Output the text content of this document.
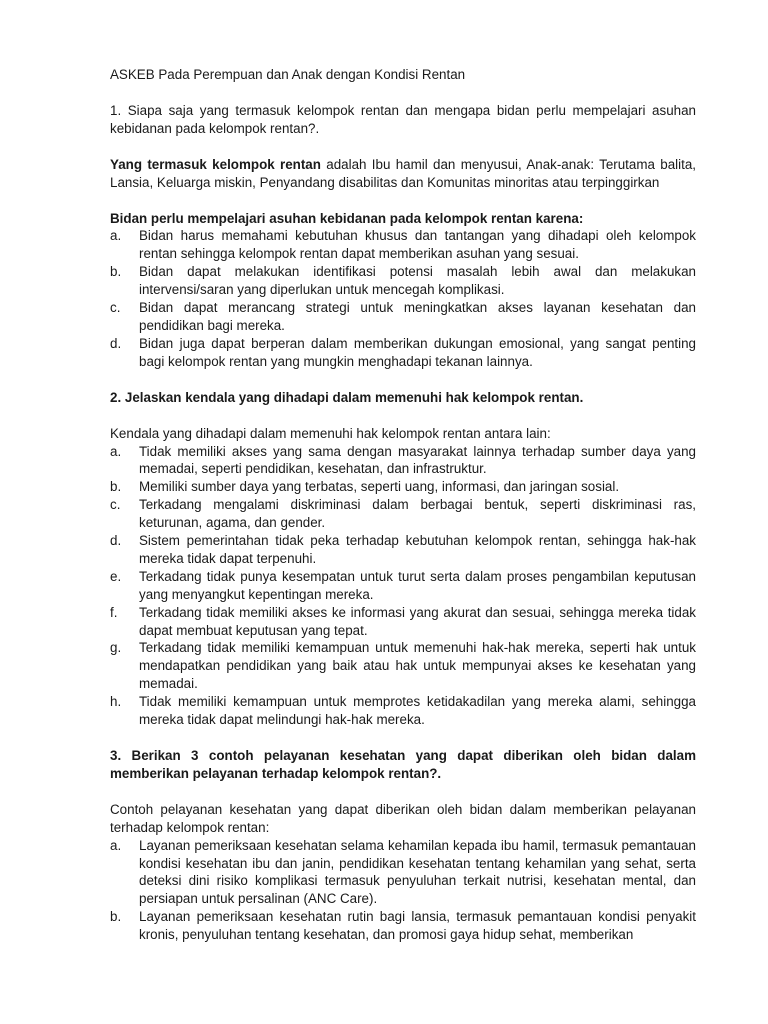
ASKEB Pada Perempuan dan Anak dengan Kondisi Rentan

1. Siapa saja yang termasuk kelompok rentan dan mengapa bidan perlu mempelajari asuhan kebidanan pada kelompok rentan?.

Yang termasuk kelompok rentan adalah Ibu hamil dan menyusui, Anak-anak: Terutama balita, Lansia, Keluarga miskin, Penyandang disabilitas dan Komunitas minoritas atau terpinggirkan

Bidan perlu mempelajari asuhan kebidanan pada kelompok rentan karena:

a. Bidan harus memahami kebutuhan khusus dan tantangan yang dihadapi oleh kelompok rentan sehingga kelompok rentan dapat memberikan asuhan yang sesuai.
b. Bidan dapat melakukan identifikasi potensi masalah lebih awal dan melakukan intervensi/saran yang diperlukan untuk mencegah komplikasi.
c. Bidan dapat merancang strategi untuk meningkatkan akses layanan kesehatan dan pendidikan bagi mereka.
d. Bidan juga dapat berperan dalam memberikan dukungan emosional, yang sangat penting bagi kelompok rentan yang mungkin menghadapi tekanan lainnya.

2. Jelaskan kendala yang dihadapi dalam memenuhi hak kelompok rentan.

Kendala yang dihadapi dalam memenuhi hak kelompok rentan antara lain:

a. Tidak memiliki akses yang sama dengan masyarakat lainnya terhadap sumber daya yang memadai, seperti pendidikan, kesehatan, dan infrastruktur.
b. Memiliki sumber daya yang terbatas, seperti uang, informasi, dan jaringan sosial.
c. Terkadang mengalami diskriminasi dalam berbagai bentuk, seperti diskriminasi ras, keturunan, agama, dan gender.
d. Sistem pemerintahan tidak peka terhadap kebutuhan kelompok rentan, sehingga hak-hak mereka tidak dapat terpenuhi.
e. Terkadang tidak punya kesempatan untuk turut serta dalam proses pengambilan keputusan yang menyangkut kepentingan mereka.
f. Terkadang tidak memiliki akses ke informasi yang akurat dan sesuai, sehingga mereka tidak dapat membuat keputusan yang tepat.
g. Terkadang tidak memiliki kemampuan untuk memenuhi hak-hak mereka, seperti hak untuk mendapatkan pendidikan yang baik atau hak untuk mempunyai akses ke kesehatan yang memadai.
h. Tidak memiliki kemampuan untuk memprotes ketidakadilan yang mereka alami, sehingga mereka tidak dapat melindungi hak-hak mereka.

3. Berikan 3 contoh pelayanan kesehatan yang dapat diberikan oleh bidan dalam memberikan pelayanan terhadap kelompok rentan?.

Contoh pelayanan kesehatan yang dapat diberikan oleh bidan dalam memberikan pelayanan terhadap kelompok rentan:

a. Layanan pemeriksaan kesehatan selama kehamilan kepada ibu hamil, termasuk pemantauan kondisi kesehatan ibu dan janin, pendidikan kesehatan tentang kehamilan yang sehat, serta deteksi dini risiko komplikasi termasuk penyuluhan terkait nutrisi, kesehatan mental, dan persiapan untuk persalinan (ANC Care).
b. Layanan pemeriksaan kesehatan rutin bagi lansia, termasuk pemantauan kondisi penyakit kronis, penyuluhan tentang kesehatan, dan promosi gaya hidup sehat, memberikan
